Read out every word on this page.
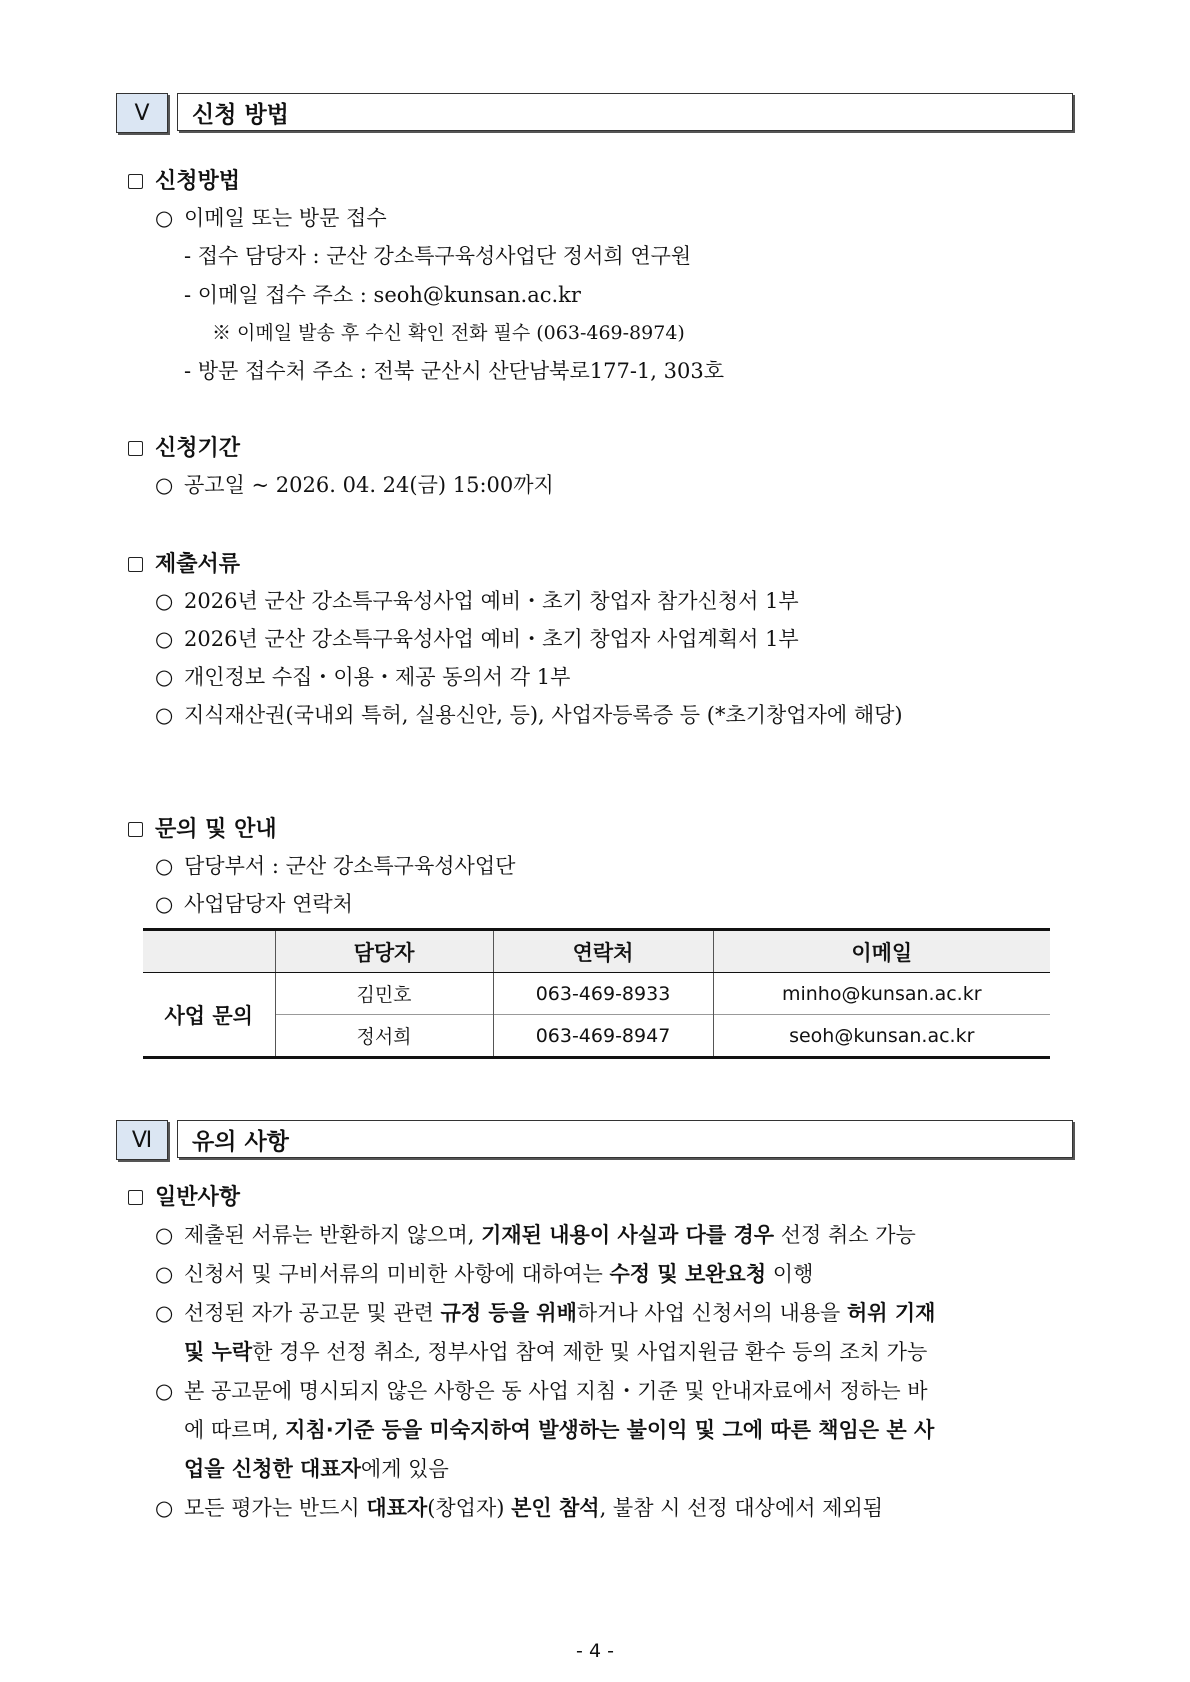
Ⅴ	신청 방법
신청방법
○ 이메일 또는 방문 접수
- 접수 담당자 : 군산 강소특구육성사업단 정서희 연구원
- 이메일 접수 주소 : seoh@kunsan.ac.kr
※ 이메일 발송 후 수신 확인 전화 필수 (063-469-8974)
- 방문 접수처 주소 : 전북 군산시 산단남북로177-1, 303호
신청기간
○ 공고일 ~ 2026. 04. 24(금) 15:00까지
제출서류
○ 2026년 군산 강소특구육성사업 예비・초기 창업자 참가신청서 1부
○ 2026년 군산 강소특구육성사업 예비・초기 창업자 사업계획서 1부
○ 개인정보 수집・이용・제공 동의서 각 1부
○ 지식재산권(국내외 특허, 실용신안, 등), 사업자등록증 등 (*초기창업자에 해당)
문의 및 안내
○ 담당부서 : 군산 강소특구육성사업단
○ 사업담당자 연락처
	담당자	연락처	이메일
사업 문의	김민호	063-469-8933	minho@kunsan.ac.kr
	정서희	063-469-8947	seoh@kunsan.ac.kr
Ⅵ	유의 사항
일반사항
○ 제출된 서류는 반환하지 않으며, 기재된 내용이 사실과 다를 경우 선정 취소 가능
○ 신청서 및 구비서류의 미비한 사항에 대하여는 수정 및 보완요청 이행
○ 선정된 자가 공고문 및 관련 규정 등을 위배하거나 사업 신청서의 내용을 허위 기재
및 누락한 경우 선정 취소, 정부사업 참여 제한 및 사업지원금 환수 등의 조치 가능
○ 본 공고문에 명시되지 않은 사항은 동 사업 지침・기준 및 안내자료에서 정하는 바
에 따르며, 지침·기준 등을 미숙지하여 발생하는 불이익 및 그에 따른 책임은 본 사
업을 신청한 대표자에게 있음
○ 모든 평가는 반드시 대표자(창업자) 본인 참석, 불참 시 선정 대상에서 제외됨
- 4 -
